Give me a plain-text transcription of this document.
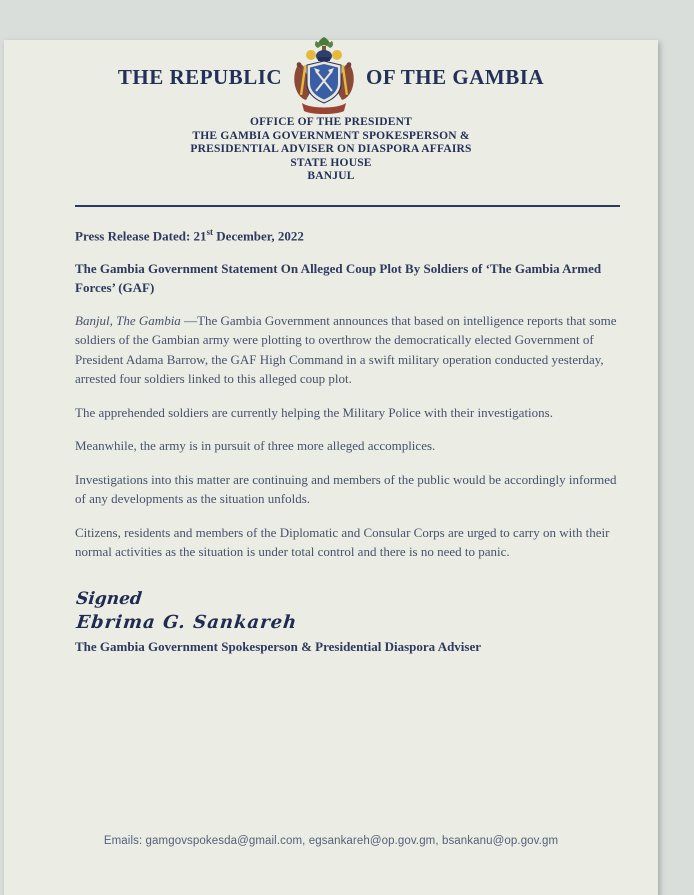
THE REPUBLIC	OF THE GAMBIA
OFFICE OF THE PRESIDENT
THE GAMBIA GOVERNMENT SPOKESPERSON &
PRESIDENTIAL ADVISER ON DIASPORA AFFAIRS
STATE HOUSE
BANJUL
Press Release Dated: 21st December, 2022
The Gambia Government Statement On Alleged Coup Plot By Soldiers of ‘The Gambia Armed Forces’ (GAF)

Banjul, The Gambia —The Gambia Government announces that based on intelligence reports that some soldiers of the Gambian army were plotting to overthrow the democratically elected Government of President Adama Barrow, the GAF High Command in a swift military operation conducted yesterday, arrested four soldiers linked to this alleged coup plot.

The apprehended soldiers are currently helping the Military Police with their investigations.

Meanwhile, the army is in pursuit of three more alleged accomplices.

Investigations into this matter are continuing and members of the public would be accordingly informed of any developments as the situation unfolds.

Citizens, residents and members of the Diplomatic and Consular Corps are urged to carry on with their normal activities as the situation is under total control and there is no need to panic.

Signed
Ebrima G. Sankareh
The Gambia Government Spokesperson & Presidential Diaspora Adviser
Emails: gamgovspokesda@gmail.com, egsankareh@op.gov.gm, bsankanu@op.gov.gm
